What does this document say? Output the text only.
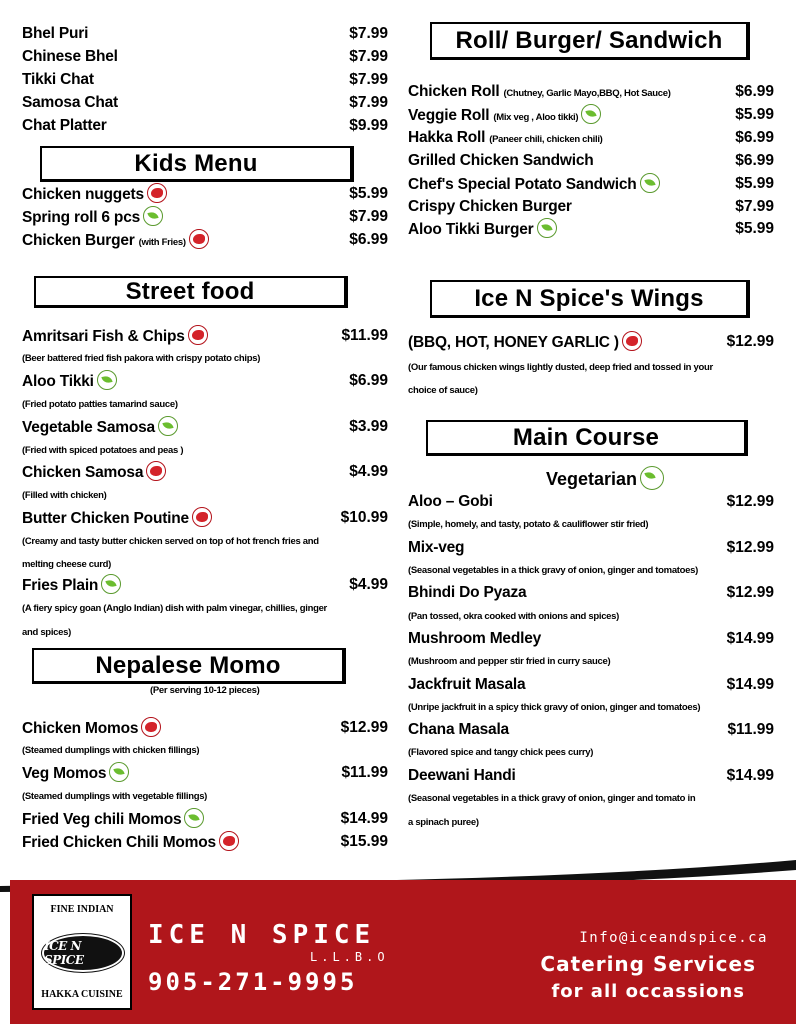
Bhel Puri	$7.99
Chinese Bhel	$7.99
Tikki Chat	$7.99
Samosa Chat	$7.99
Chat Platter	$9.99
Kids Menu
Chicken nuggets	$5.99
Spring roll 6 pcs	$7.99
Chicken Burger (with Fries)	$6.99
Street food
Amritsari Fish & Chips	$11.99
(Beer battered fried fish pakora with crispy potato chips)
Aloo Tikki	$6.99
(Fried potato patties tamarind sauce)
Vegetable Samosa	$3.99
(Fried with spiced potatoes and peas )
Chicken Samosa	$4.99
(Filled with chicken)
Butter Chicken Poutine	$10.99
(Creamy and tasty butter chicken served on top of hot french fries and
melting cheese curd)
Fries Plain	$4.99
(A fiery spicy goan (Anglo Indian) dish with palm vinegar, chillies, ginger
and spices)
Nepalese Momo
(Per serving 10-12 pieces)
Chicken Momos	$12.99
(Steamed dumplings with chicken fillings)
Veg Momos	$11.99
(Steamed dumplings with vegetable fillings)
Fried Veg chili Momos	$14.99
Fried Chicken Chili Momos	$15.99
Roll/ Burger/ Sandwich
Chicken Roll (Chutney, Garlic Mayo,BBQ, Hot Sauce)	$6.99
Veggie Roll (Mix veg , Aloo tikki)	$5.99
Hakka Roll (Paneer chili, chicken chili)	$6.99
Grilled Chicken Sandwich	$6.99
Chef's Special Potato Sandwich	$5.99
Crispy Chicken Burger	$7.99
Aloo Tikki Burger	$5.99
Ice N Spice's Wings
(BBQ, HOT, HONEY GARLIC )	$12.99
(Our famous chicken wings lightly dusted, deep fried and tossed in your
choice of sauce)
Main Course
Vegetarian
Aloo – Gobi	$12.99
(Simple, homely, and tasty, potato & cauliflower stir fried)
Mix-veg	$12.99
(Seasonal vegetables in a thick gravy of onion, ginger and tomatoes)
Bhindi Do Pyaza	$12.99
(Pan tossed, okra cooked with onions and spices)
Mushroom Medley	$14.99
(Mushroom and pepper stir fried in curry sauce)
Jackfruit Masala	$14.99
(Unripe jackfruit in a spicy thick gravy of onion, ginger and tomatoes)
Chana Masala	$11.99
(Flavored spice and tangy chick pees curry)
Deewani Handi	$14.99
(Seasonal vegetables in a thick gravy of onion, ginger and tomato in
a spinach puree)
FINE INDIAN
ICE N SPICE
HAKKA CUISINE
ICE N SPICE
L.L.B.O
905-271-9995
Info@iceandspice.ca
Catering Services
for all occassions
